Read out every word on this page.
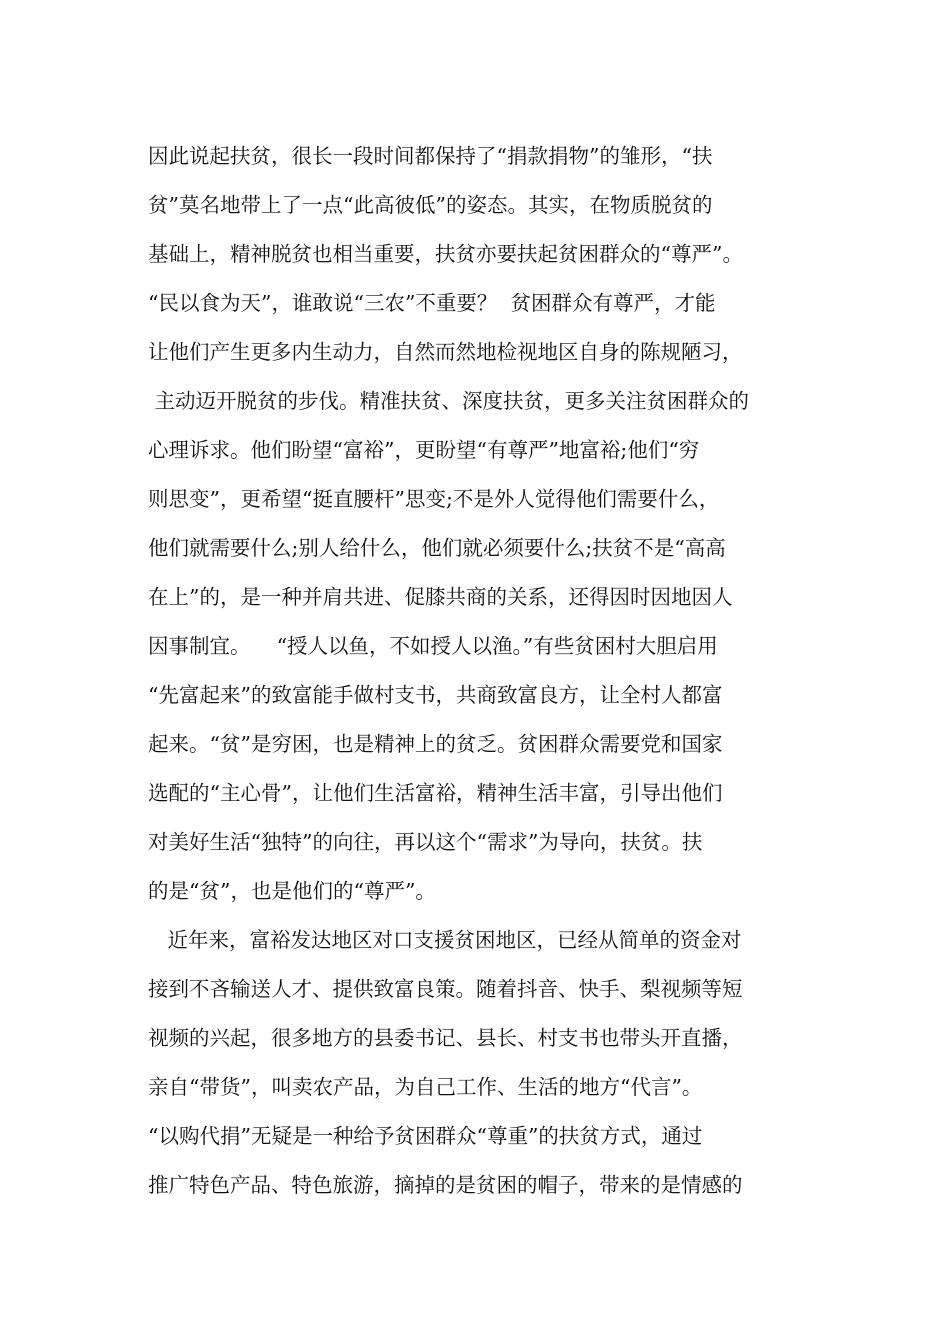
因此说起扶贫，很长一段时间都保持了“捐款捐物”的雏形，“扶
贫”莫名地带上了一点“此高彼低”的姿态。其实，在物质脱贫的
基础上，精神脱贫也相当重要，扶贫亦要扶起贫困群众的“尊严”。
“民以食为天”，谁敢说“三农”不重要？  贫困群众有尊严，才能
让他们产生更多内生动力，自然而然地检视地区自身的陈规陋习，
主动迈开脱贫的步伐。精准扶贫、深度扶贫，更多关注贫困群众的
心理诉求。他们盼望“富裕”，更盼望“有尊严”地富裕;他们“穷
则思变”，更希望“挺直腰杆”思变;不是外人觉得他们需要什么，
他们就需要什么;别人给什么，他们就必须要什么;扶贫不是“高高
在上”的，是一种并肩共进、促膝共商的关系，还得因时因地因人
因事制宜。    “授人以鱼，不如授人以渔。”有些贫困村大胆启用
“先富起来”的致富能手做村支书，共商致富良方，让全村人都富
起来。“贫”是穷困，也是精神上的贫乏。贫困群众需要党和国家
选配的“主心骨”，让他们生活富裕，精神生活丰富，引导出他们
对美好生活“独特”的向往，再以这个“需求”为导向，扶贫。扶
的是“贫”，也是他们的“尊严”。
近年来，富裕发达地区对口支援贫困地区，已经从简单的资金对
接到不吝输送人才、提供致富良策。随着抖音、快手、梨视频等短
视频的兴起，很多地方的县委书记、县长、村支书也带头开直播，
亲自“带货”，叫卖农产品，为自己工作、生活的地方“代言”。
“以购代捐”无疑是一种给予贫困群众“尊重”的扶贫方式，通过
推广特色产品、特色旅游，摘掉的是贫困的帽子，带来的是情感的
